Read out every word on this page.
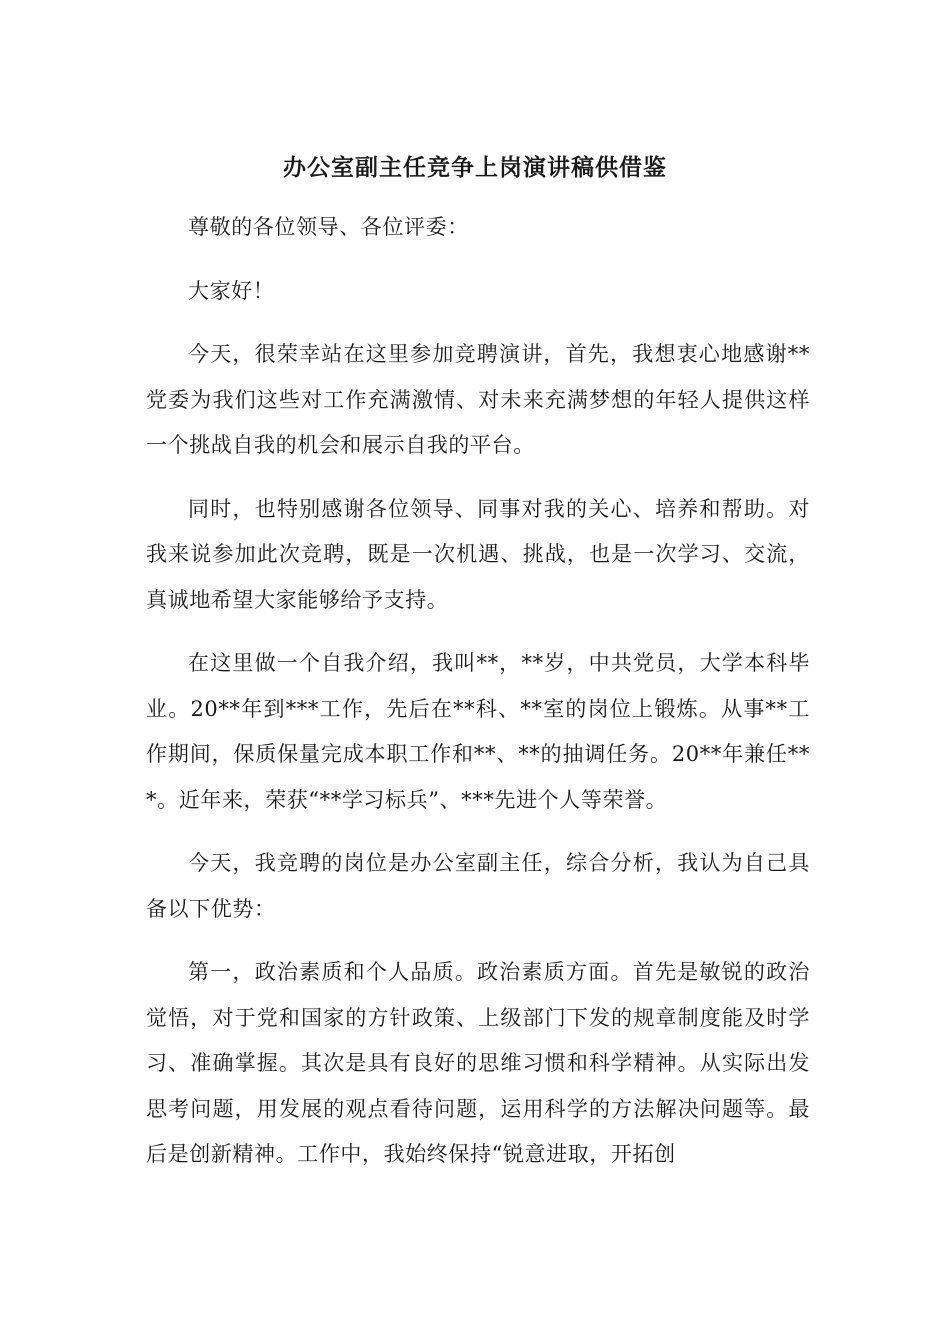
办公室副主任竞争上岗演讲稿供借鉴

尊敬的各位领导、各位评委：

大家好！

今天，很荣幸站在这里参加竞聘演讲，首先，我想衷心地感谢**党委为我们这些对工作充满激情、对未来充满梦想的年轻人提供这样一个挑战自我的机会和展示自我的平台。

同时，也特别感谢各位领导、同事对我的关心、培养和帮助。对我来说参加此次竞聘，既是一次机遇、挑战，也是一次学习、交流，真诚地希望大家能够给予支持。

在这里做一个自我介绍，我叫**，**岁，中共党员，大学本科毕业。20**年到***工作，先后在**科、**室的岗位上锻炼。从事**工作期间，保质保量完成本职工作和**、**的抽调任务。20**年兼任***。近年来，荣获“**学习标兵”、***先进个人等荣誉。

今天，我竞聘的岗位是办公室副主任，综合分析，我认为自己具备以下优势：

第一，政治素质和个人品质。政治素质方面。首先是敏锐的政治觉悟，对于党和国家的方针政策、上级部门下发的规章制度能及时学习、准确掌握。其次是具有良好的思维习惯和科学精神。从实际出发思考问题，用发展的观点看待问题，运用科学的方法解决问题等。最后是创新精神。工作中，我始终保持“锐意进取，开拓创
